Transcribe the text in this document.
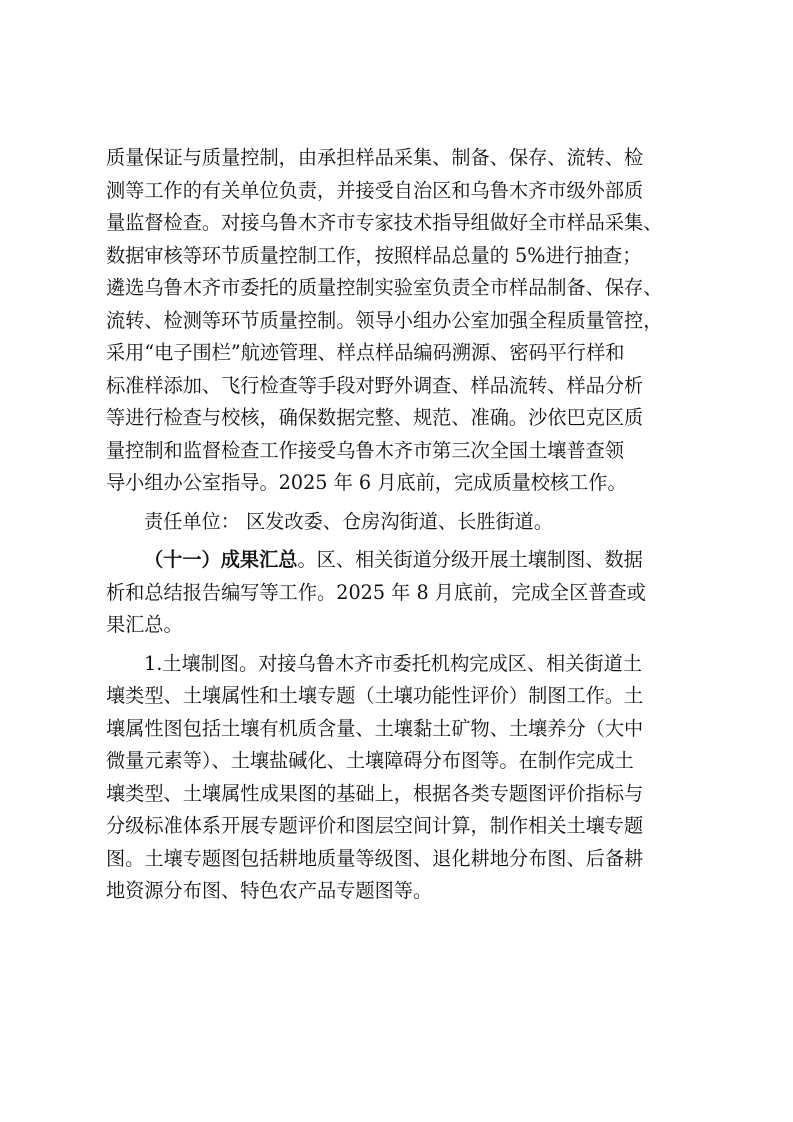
质量保证与质量控制，由承担样品采集、制备、保存、流转、检
测等工作的有关单位负责，并接受自治区和乌鲁木齐市级外部质
量监督检查。对接乌鲁木齐市专家技术指导组做好全市样品采集、
数据审核等环节质量控制工作，按照样品总量的 5%进行抽查；
遴选乌鲁木齐市委托的质量控制实验室负责全市样品制备、保存、
流转、检测等环节质量控制。领导小组办公室加强全程质量管控，
采用“电子围栏”航迹管理、样点样品编码溯源、密码平行样和
标准样添加、飞行检查等手段对野外调查、样品流转、样品分析
等进行检查与校核，确保数据完整、规范、准确。沙依巴克区质
量控制和监督检查工作接受乌鲁木齐市第三次全国土壤普查领
导小组办公室指导。2025 年 6 月底前，完成质量校核工作。
责任单位： 区发改委、仓房沟街道、长胜街道。
（十一）成果汇总。区、相关街道分级开展土壤制图、数据
析和总结报告编写等工作。2025 年 8 月底前，完成全区普查或
果汇总。
1.土壤制图。对接乌鲁木齐市委托机构完成区、相关街道土
壤类型、土壤属性和土壤专题（土壤功能性评价）制图工作。土
壤属性图包括土壤有机质含量、土壤黏土矿物、土壤养分（大中
微量元素等）、土壤盐碱化、土壤障碍分布图等。在制作完成土
壤类型、土壤属性成果图的基础上，根据各类专题图评价指标与
分级标准体系开展专题评价和图层空间计算，制作相关土壤专题
图。土壤专题图包括耕地质量等级图、退化耕地分布图、后备耕
地资源分布图、特色农产品专题图等。
